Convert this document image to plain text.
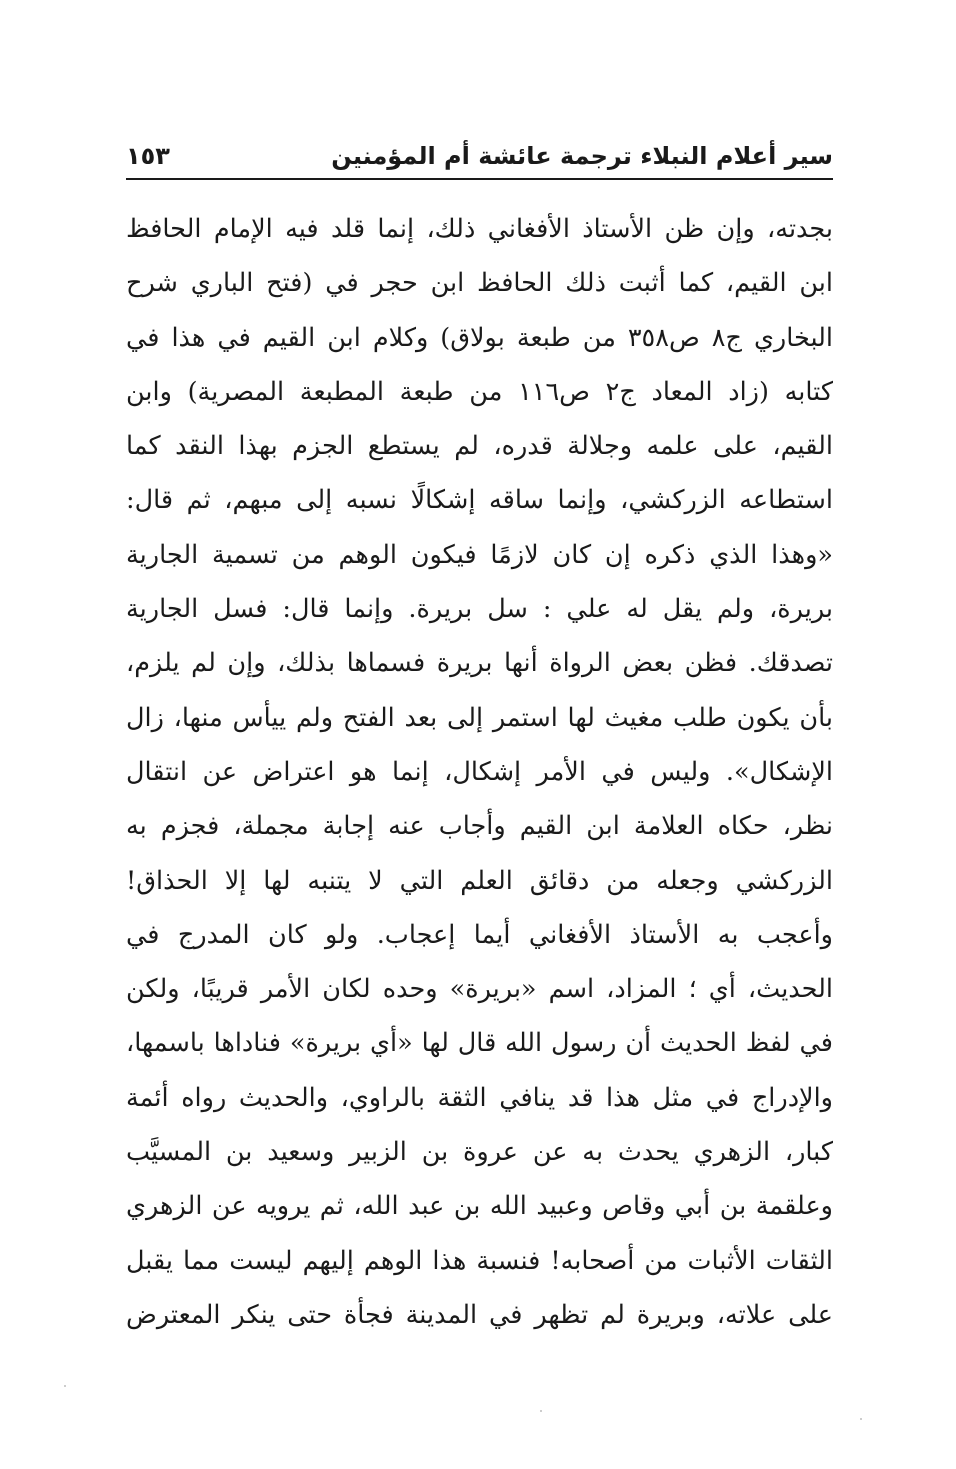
سير أعلام النبلاء ترجمة عائشة أم المؤمنين
١٥٣
بجدته، وإن ظن الأستاذ الأفغاني ذلك، إنما قلد فيه الإمام الحافظ
ابن القيم، كما أثبت ذلك الحافظ ابن حجر في (فتح الباري شرح
البخاري ج٨ ص٣٥٨ من طبعة بولاق) وكلام ابن القيم في هذا في
كتابه (زاد المعاد ج٢ ص١١٦ من طبعة المطبعة المصرية) وابن
القيم، على علمه وجلالة قدره، لم يستطع الجزم بهذا النقد كما
استطاعه الزركشي، وإنما ساقه إشكالًا نسبه إلى مبهم، ثم قال:
«وهذا الذي ذكره إن كان لازمًا فيكون الوهم من تسمية الجارية
بريرة، ولم يقل له علي : سل بريرة. وإنما قال: فسل الجارية
تصدقك. فظن بعض الرواة أنها بريرة فسماها بذلك، وإن لم يلزم،
بأن يكون طلب مغيث لها استمر إلى بعد الفتح ولم ييأس منها، زال
الإشكال». وليس في الأمر إشكال، إنما هو اعتراض عن انتقال
نظر، حكاه العلامة ابن القيم وأجاب عنه إجابة مجملة، فجزم به
الزركشي وجعله من دقائق العلم التي لا يتنبه لها إلا الحذاق!
وأعجب به الأستاذ الأفغاني أيما إعجاب. ولو كان المدرج في
الحديث، أي ؛ المزاد، اسم «بريرة» وحده لكان الأمر قريبًا، ولكن
في لفظ الحديث أن رسول الله قال لها «أي بريرة» فناداها باسمها،
والإدراج في مثل هذا قد ينافي الثقة بالراوي، والحديث رواه أئمة
كبار، الزهري يحدث به عن عروة بن الزبير وسعيد بن المسيَّب
وعلقمة بن أبي وقاص وعبيد الله بن عبد الله، ثم يرويه عن الزهري
الثقات الأثبات من أصحابه! فنسبة هذا الوهم إليهم ليست مما يقبل
على علاته، وبريرة لم تظهر في المدينة فجأة حتى ينكر المعترض
